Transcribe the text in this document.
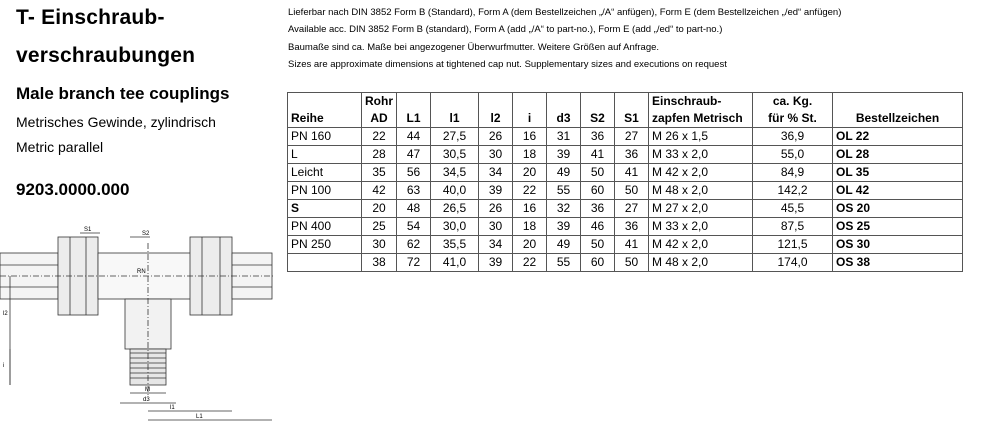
T- Einschraub-
verschraubungen
Male branch tee couplings
Metrisches Gewinde, zylindrisch
Metric parallel
9203.0000.000
Lieferbar nach DIN 3852 Form B (Standard), Form A (dem Bestellzeichen „/A“ anfügen), Form E (dem Bestellzeichen „/ed“ anfügen)
Available acc. DIN 3852 Form B (standard), Form A (add „/A“ to part-no.), Form E (add „/ed“ to part-no.)
Baumaße sind ca. Maße bei angezogener Überwurfmutter. Weitere Größen auf Anfrage.
Sizes are approximate dimensions at tightened cap nut. Supplementary sizes and executions on request
	Rohr								Einschraub-	ca. Kg.	
Reihe	AD	L1	l1	l2	i	d3	S2	S1	zapfen Metrisch	für % St.	Bestellzeichen
PN 160	22	44	27,5	26	16	31	36	27	M 26 x 1,5	36,9	OL 22
L	28	47	30,5	30	18	39	41	36	M 33 x 2,0	55,0	OL 28
Leicht	35	56	34,5	34	20	49	50	41	M 42 x 2,0	84,9	OL 35
PN 100	42	63	40,0	39	22	55	60	50	M 48 x 2,0	142,2	OL 42
S	20	48	26,5	26	16	32	36	27	M 27 x 2,0	45,5	OS 20
PN 400	25	54	30,0	30	18	39	46	36	M 33 x 2,0	87,5	OS 25
PN 250	30	62	35,5	34	20	49	50	41	M 42 x 2,0	121,5	OS 30
	38	72	41,0	39	22	55	60	50	M 48 x 2,0	174,0	OS 38
S1
S2
RN
l2
i
M
d3
l1
L1
